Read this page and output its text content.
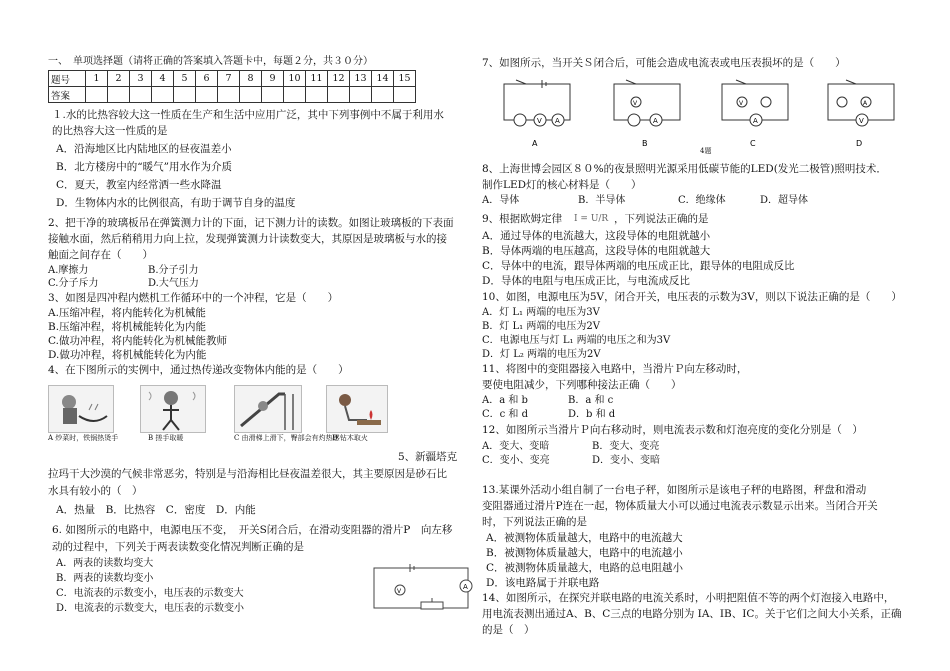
一、　单项选择题（请将正确的答案填入答题卡中，每题２分，共３０分）
题号	1	2	3	4	5	6	7	8	9	10	11	12	13	14	15
答案															
１.水的比热容较大这一性质在生产和生活中应用广泛，其中下列事例中不属于利用水
的比热容大这一性质的是
A．沿海地区比内陆地区的昼夜温差小
B．北方楼房中的“暖气”用水作为介质
C．夏天，教室内经常洒一些水降温
D．生物体内水的比例很高，有助于调节自身的温度
2、把干净的玻璃板吊在弹簧测力计的下面，记下测力计的读数。如图让玻璃板的下表面
接触水面，然后稍稍用力向上拉，发现弹簧测力计读数变大，其原因是玻璃板与水的接
触面之间存在（　　）
A.摩擦力	B.分子引力
C.分子斥力	D.大气压力
3、如图是四冲程内燃机工作循环中的一个冲程，它是（　　）
A.压缩冲程，将内能转化为机械能
B.压缩冲程，将机械能转化为内能
C.做功冲程，将内能转化为机械能教师
D.做功冲程，将机械能转化为内能
4、在下图所示的实例中，通过热传递改变物体内能的是（　　）
A 炒菜时，铁锅热烫手	B 搓手取暖	C 由滑梯上滑下，臀部会有灼热感
D 钻木取火
5、新疆塔克
拉玛干大沙漠的气候非常恶劣，特别是与沿海相比昼夜温差很大，其主要原因是砂石比
水具有较小的（　）
A．热量　B．比热容　C．密度　D．内能
6. 如图所示的电路中，电源电压不变，　开关S闭合后，在滑动变阻器的滑片P　向左移
动的过程中，下列关于两表读数变化情况判断正确的是
A．两表的读数均变大
B．两表的读数均变小
C．电流表的示数变小，电压表的示数变大
D．电流表的示数变大，电压表的示数变小
A
V
7、如图所示，当开关Ｓ闭合后，可能会造成电流表或电压表损坏的是（　　）
V A	A
V	V
A
A
V
A	B	C	D
4题
8、上海世博会园区８０%的夜景照明光源采用低碳节能的LED(发光二极管)照明技术．
制作LED灯的核心材料是（　　）
A．导体	B．半导体	C．绝缘体	D．超导体
9、根据欧姆定律 I = U/R ，下列说法正确的是
A．通过导体的电流越大，这段导体的电阻就越小
B．导体两端的电压越高，这段导体的电阻就越大
C．导体中的电流，跟导体两端的电压成正比，跟导体的电阻成反比
D．导体的电阻与电压成正比，与电流成反比
10、如图，电源电压为5V，闭合开关，电压表的示数为3V，则以下说法正确的是（　　）
A．灯 L₁ 两端的电压为3V
B．灯 L₁ 两端的电压为2V
C．电源电压与灯 L₁ 两端的电压之和为3V
D．灯 L₂ 两端的电压为2V
11、将图中的变阻器接入电路中，当滑片Ｐ向左移动时，
要使电阻减少，下列哪种接法正确（　　）
A．a 和 b	B．a 和 c
C．c 和 d	D．b 和 d
12、如图所示当滑片Ｐ向右移动时，则电流表示数和灯泡亮度的变化分别是（　）
A．变大、变暗	B．变大、变亮
C．变小、变亮	D．变小、变暗
13.某课外活动小组自制了一台电子秤，如图所示是该电子秤的电路图，秤盘和滑动
变阻器通过滑片P连在一起，物体质量大小可以通过电流表示数显示出来。当闭合开关
时，下列说法正确的是
A．被测物体质量越大，电路中的电流越大
B．被测物体质量越大，电路中的电流越小
C．被测物体质量越大，电路的总电阻越小
D．该电路属于并联电路
14、如图所示，在探究并联电路的电流关系时，小明把阻值不等的两个灯泡接入电路中，
用电流表测出通过A、B、C三点的电路分别为 IA、IB、IC。关于它们之间大小关系，正确
的是（　）
